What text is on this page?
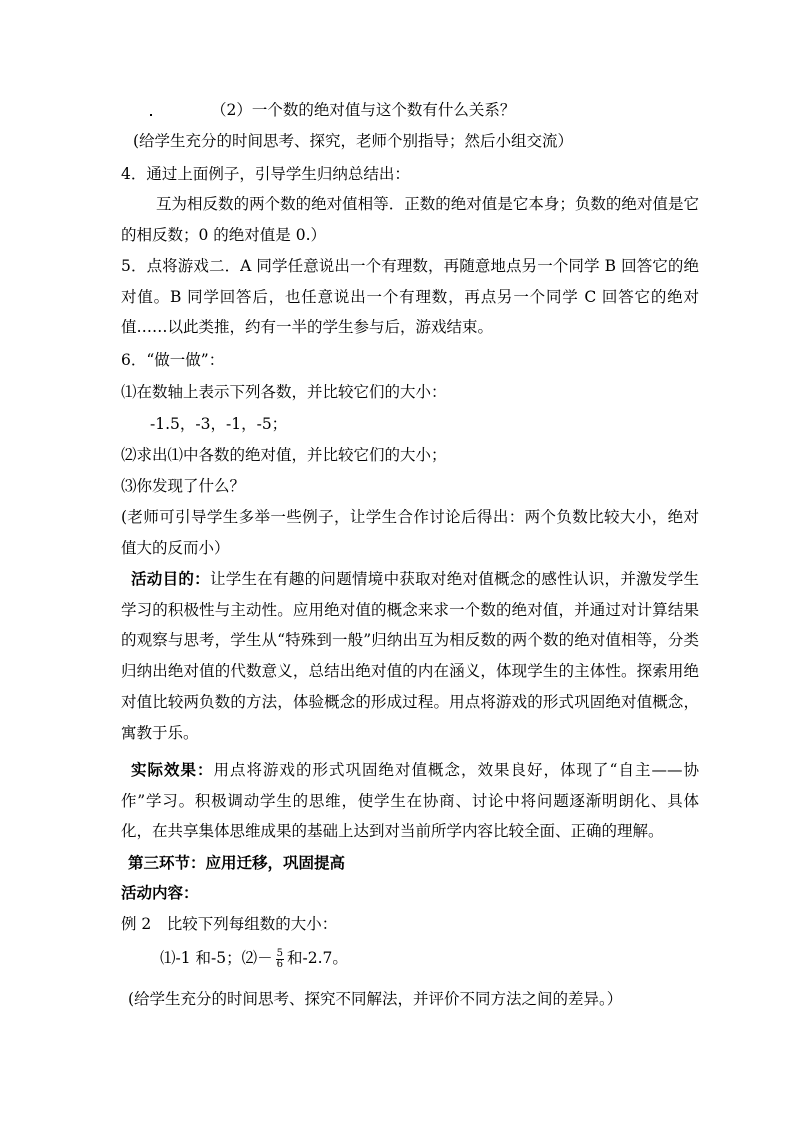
（2）一个数的绝对值与这个数有什么关系？
(给学生充分的时间思考、探究，老师个别指导；然后小组交流）
4．通过上面例子，引导学生归纳总结出：
互为相反数的两个数的绝对值相等．正数的绝对值是它本身；负数的绝对值是它的相反数；0 的绝对值是 0.）
5．点将游戏二．A 同学任意说出一个有理数，再随意地点另一个同学 B 回答它的绝对值。B 同学回答后，也任意说出一个有理数，再点另一个同学 C 回答它的绝对值……以此类推，约有一半的学生参与后，游戏结束。
6．“做一做”：
⑴在数轴上表示下列各数，并比较它们的大小：
-1.5，-3，-1，-5；
⑵求出⑴中各数的绝对值，并比较它们的大小；
⑶你发现了什么？
(老师可引导学生多举一些例子，让学生合作讨论后得出：两个负数比较大小，绝对值大的反而小）
活动目的：让学生在有趣的问题情境中获取对绝对值概念的感性认识，并激发学生学习的积极性与主动性。应用绝对值的概念来求一个数的绝对值，并通过对计算结果的观察与思考，学生从“特殊到一般”归纳出互为相反数的两个数的绝对值相等，分类归纳出绝对值的代数意义，总结出绝对值的内在涵义，体现学生的主体性。探索用绝对值比较两负数的方法，体验概念的形成过程。用点将游戏的形式巩固绝对值概念，寓教于乐。
实际效果：用点将游戏的形式巩固绝对值概念，效果良好，体现了“自主——协作”学习。积极调动学生的思维，使学生在协商、讨论中将问题逐渐明朗化、具体化，在共享集体思维成果的基础上达到对当前所学内容比较全面、正确的理解。
第三环节：应用迁移，巩固提高
活动内容：
例 2　比较下列每组数的大小：
⑴-1 和-5；⑵－ $\frac{5}{6}$ 和-2.7。
(给学生充分的时间思考、探究不同解法，并评价不同方法之间的差异。）
